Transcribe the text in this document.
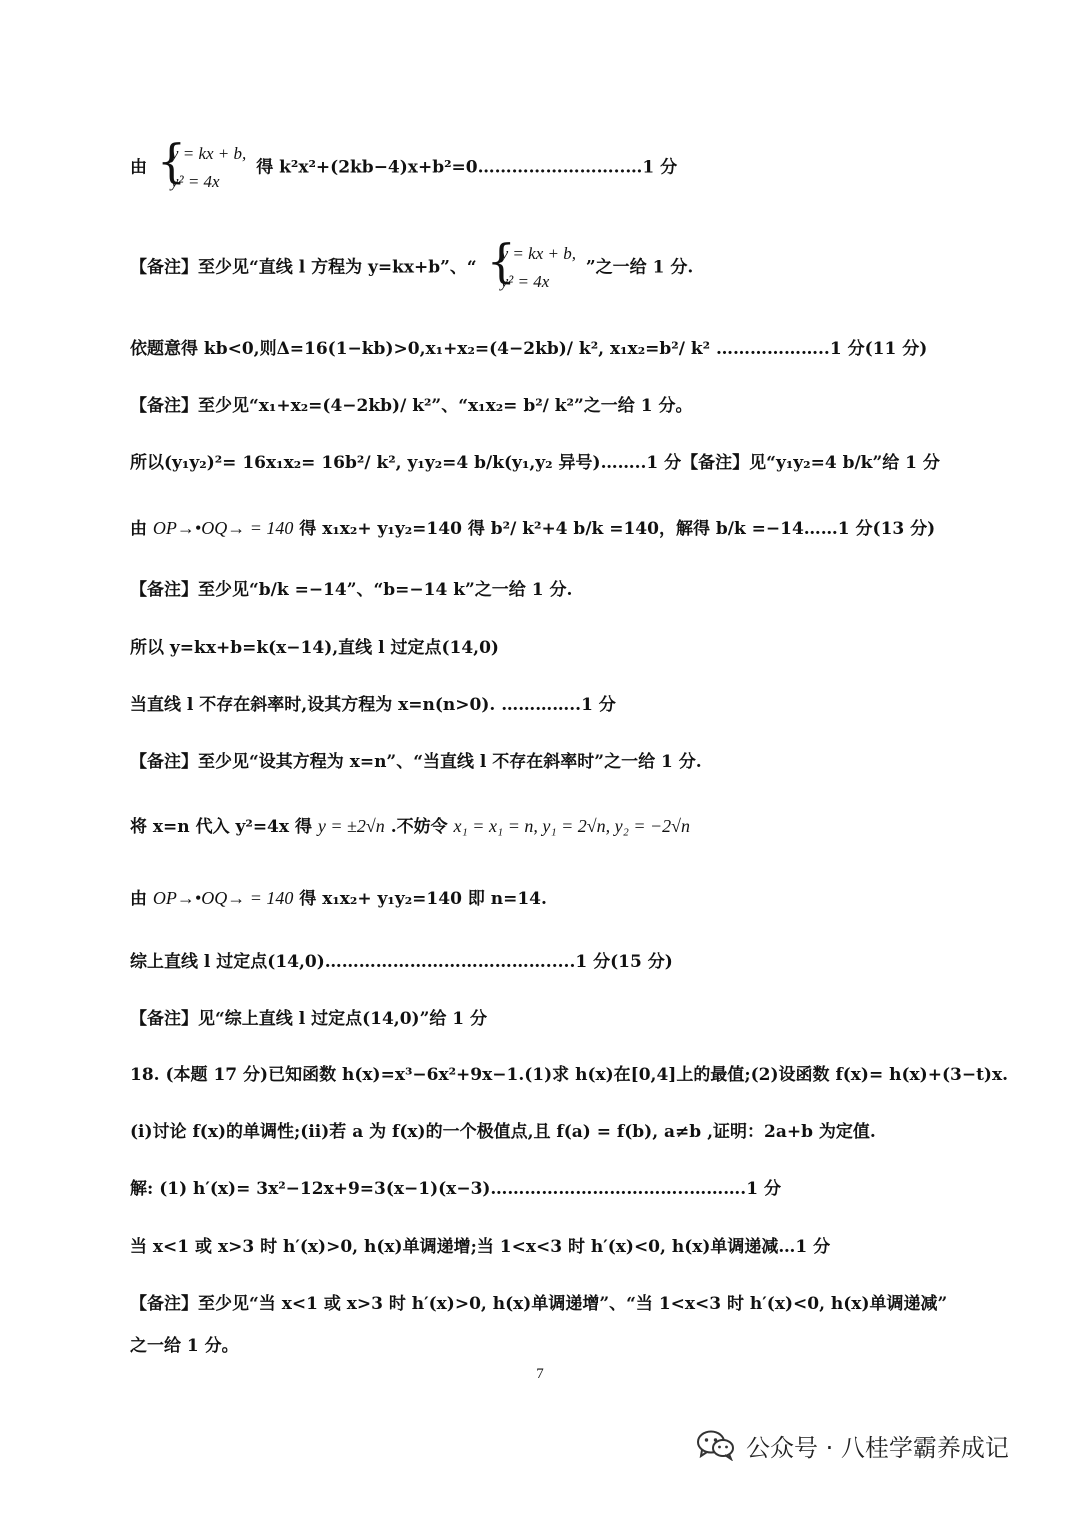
由 {
y = kx + b,
y² = 4x
得 k²x²+(2kb−4)x+b²=0……………………..…1 分
【备注】至少见“直线 l 方程为 y=kx+b”、“ {
y = kx + b,
y² = 4x
”之一给 1 分.
依题意得 kb<0,则Δ=16(1−kb)>0,x₁+x₂=(4−2kb)/ k², x₁x₂=b²/ k² ………………..1 分(11 分)
【备注】至少见“x₁+x₂=(4−2kb)/ k²”、“x₁x₂= b²/ k²”之一给 1 分。
所以(y₁y₂)²= 16x₁x₂= 16b²/ k², y₁y₂=4 b/k(y₁,y₂ 异号)……..1 分【备注】见“y₁y₂=4 b/k”给 1 分
由 OP→•OQ→ = 140 得 x₁x₂+ y₁y₂=140 得 b²/ k²+4 b/k =140，解得 b/k =−14……1 分(13 分)
【备注】至少见“b/k =−14”、“b=−14 k”之一给 1 分.
所以 y=kx+b=k(x−14),直线 l 过定点(14,0)
当直线 l 不存在斜率时,设其方程为 x=n(n>0). …………..1 分
【备注】至少见“设其方程为 x=n”、“当直线 l 不存在斜率时”之一给 1 分.
将 x=n 代入 y²=4x 得 y = ±2√n .不妨令 x₁ = x₁ = n, y₁ = 2√n, y₂ = −2√n
由 OP→•OQ→ = 140 得 x₁x₂+ y₁y₂=140 即 n=14.
综上直线 l 过定点(14,0)………………………………….....1 分(15 分)
【备注】见“综上直线 l 过定点(14,0)”给 1 分
18. (本题 17 分)已知函数 h(x)=x³−6x²+9x−1.(1)求 h(x)在[0,4]上的最值;(2)设函数 f(x)= h(x)+(3−t)x.
(i)讨论 f(x)的单调性;(ii)若 a 为 f(x)的一个极值点,且 f(a) = f(b), a≠b ,证明：2a+b 为定值.
解: (1) h′(x)= 3x²−12x+9=3(x−1)(x−3)……………………………..……….1 分
当 x<1 或 x>3 时 h′(x)>0, h(x)单调递增;当 1<x<3 时 h′(x)<0, h(x)单调递减…1 分
【备注】至少见“当 x<1 或 x>3 时 h′(x)>0, h(x)单调递增”、“当 1<x<3 时 h′(x)<0, h(x)单调递减”
之一给 1 分。
7
公众号 · 八桂学霸养成记
